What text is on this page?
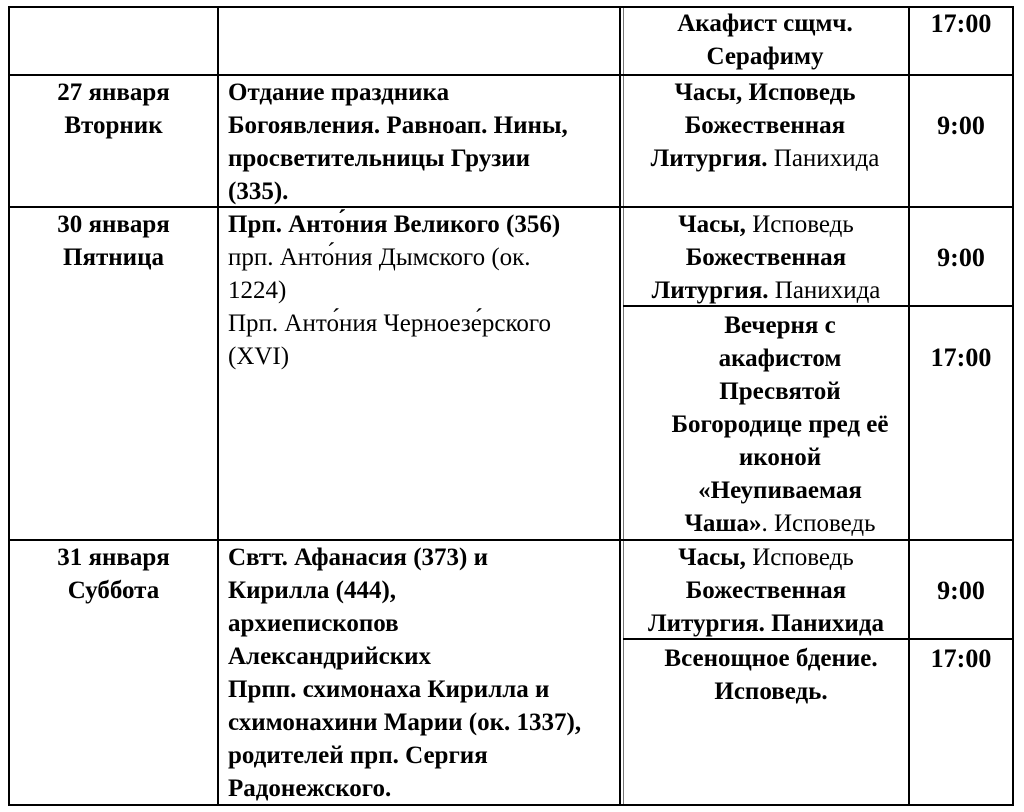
Акафист сщмч. Серафиму
17:00
27 января
Вторник
Отдание праздника Богоявления. Равноап. Нины, просветительницы Грузии (335).
Часы, Исповедь Божественная Литургия. Панихида
9:00
30 января
Пятница
Прп. Анто́ния Великого (356)
прп. Анто́ния Дымского (ок. 1224)
Прп. Анто́ния Черноезе́рского (XVI)
Часы, Исповедь Божественная Литургия. Панихида
9:00
Вечерня с акафистом Пресвятой Богородице пред её иконой «Неупиваемая Чаша». Исповедь
17:00
31 января
Суббота
Свтт. Афанасия (373) и Кирилла (444), архиепископов Александрийских
Прпп. схимонаха Кирилла и схимонахини Марии (ок. 1337), родителей прп. Сергия Радонежского.
Часы, Исповедь Божественная Литургия. Панихида
9:00
Всенощное бдение. Исповедь.
17:00
